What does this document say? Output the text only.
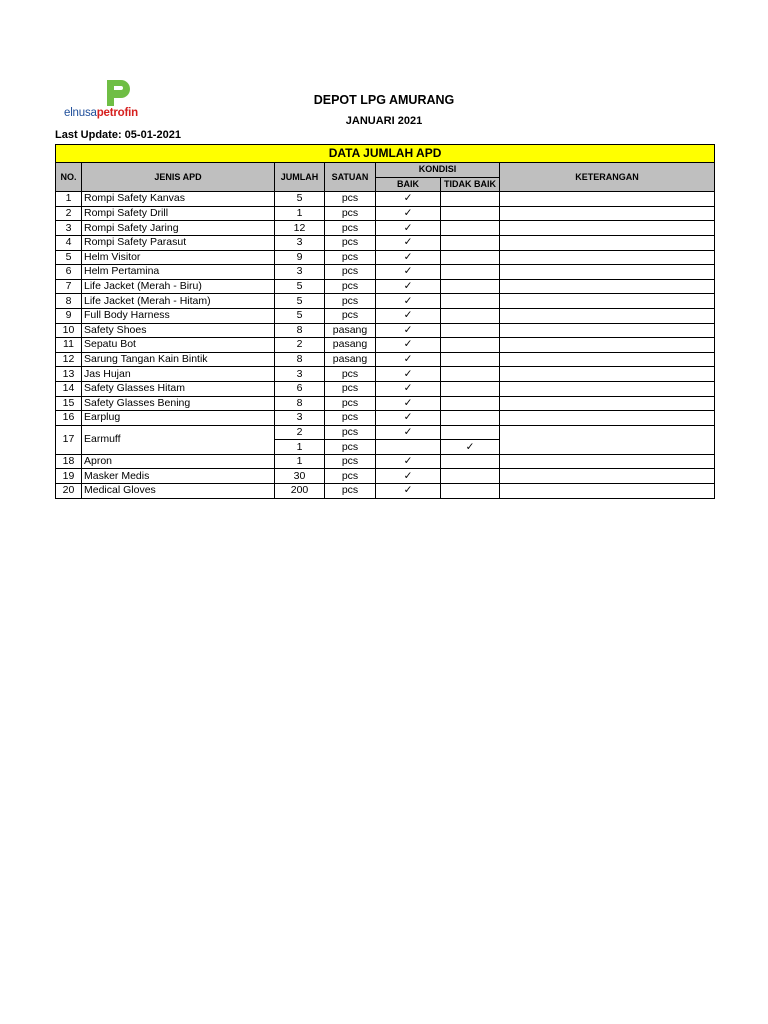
elnusapetrofin
DEPOT LPG AMURANG
JANUARI 2021
Last Update: 05-01-2021
DATA JUMLAH APD						
NO.	JENIS APD	JUMLAH	SATUAN	KONDISI		KETERANGAN
				BAIK	TIDAK BAIK	
1	Rompi Safety Kanvas	5	pcs	✓		
2	Rompi Safety Drill	1	pcs	✓		
3	Rompi Safety Jaring	12	pcs	✓		
4	Rompi Safety Parasut	3	pcs	✓		
5	Helm Visitor	9	pcs	✓		
6	Helm Pertamina	3	pcs	✓		
7	Life Jacket (Merah - Biru)	5	pcs	✓		
8	Life Jacket (Merah - Hitam)	5	pcs	✓		
9	Full Body Harness	5	pcs	✓		
10	Safety Shoes	8	pasang	✓		
11	Sepatu Bot	2	pasang	✓		
12	Sarung Tangan Kain Bintik	8	pasang	✓		
13	Jas Hujan	3	pcs	✓		
14	Safety Glasses Hitam	6	pcs	✓		
15	Safety Glasses Bening	8	pcs	✓		
16	Earplug	3	pcs	✓		
17	Earmuff	2	pcs	✓		
		1	pcs		✓	
18	Apron	1	pcs	✓		
19	Masker Medis	30	pcs	✓		
20	Medical Gloves	200	pcs	✓		
